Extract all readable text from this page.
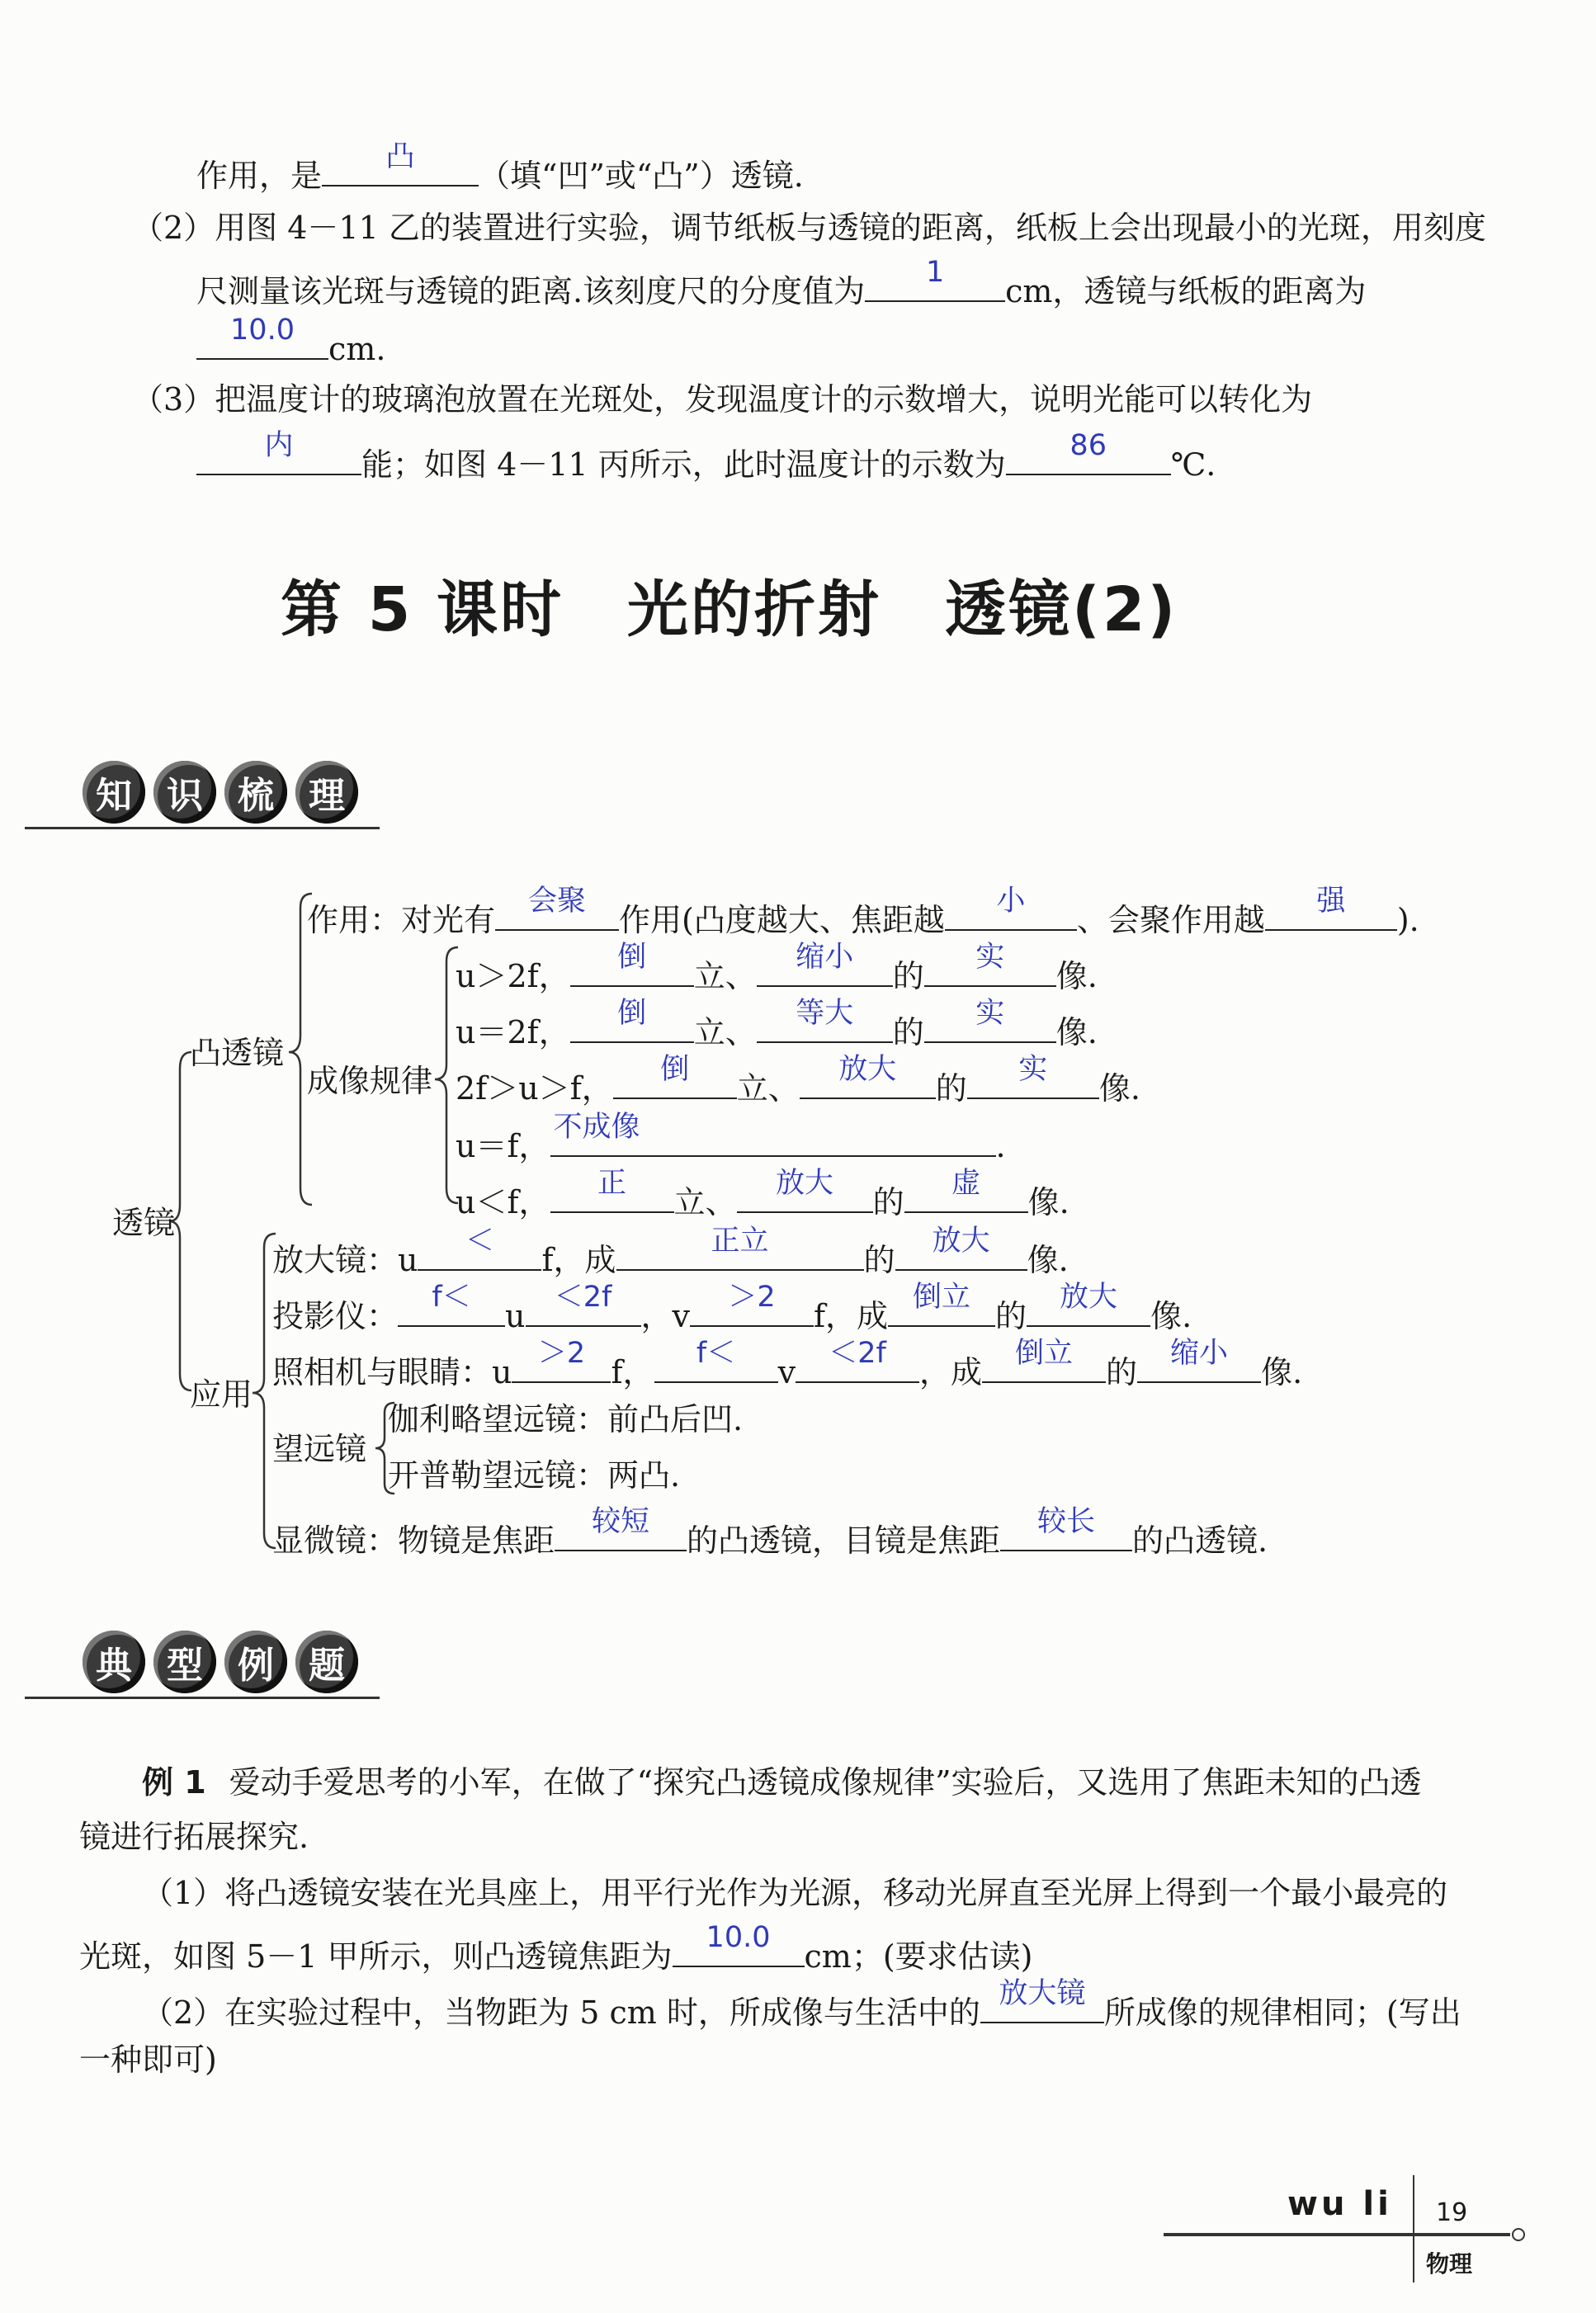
作用，是
凸
（填“凹”或“凸”）透镜.
（2）用图 4－11 乙的装置进行实验，调节纸板与透镜的距离，纸板上会出现最小的光斑，用刻度
尺测量该光斑与透镜的距离.该刻度尺的分度值为
1
cm，透镜与纸板的距离为
10.0
cm.
（3）把温度计的玻璃泡放置在光斑处，发现温度计的示数增大，说明光能可以转化为
内
能；如图 4－11 丙所示，此时温度计的示数为
86
℃.
第 5 课时　光的折射　透镜(2)
知 识 梳 理
透镜
凸透镜
应用
成像规律
作用：对光有
会聚
作用(凸度越大、焦距越
小
、会聚作用越
强
).
u＞2f，
倒
立、
缩小
的
实
像.
u＝2f，
倒
立、
等大
的
实
像.
2f＞u＞f，
倒
立、
放大
的
实
像.
u＝f，
不成像
.
u＜f，
正
立、
放大
的
虚
像.
放大镜：u
＜
f，成
正立
的
放大
像.
投影仪：
f＜
u
＜2f
，v
＞2
f，成
倒立
的
放大
像.
照相机与眼睛：u
＞2
f，
f＜
v
＜2f
，成
倒立
的
缩小
像.
望远镜
伽利略望远镜：前凸后凹.
开普勒望远镜：两凸.
显微镜：物镜是焦距
较短
的凸透镜，目镜是焦距
较长
的凸透镜.
典 型 例 题
例 1 爱动手爱思考的小军，在做了“探究凸透镜成像规律”实验后，又选用了焦距未知的凸透
镜进行拓展探究.
（1）将凸透镜安装在光具座上，用平行光作为光源，移动光屏直至光屏上得到一个最小最亮的
光斑，如图 5－1 甲所示，则凸透镜焦距为
10.0
cm；(要求估读)
（2）在实验过程中，当物距为 5 cm 时，所成像与生活中的
放大镜
所成像的规律相同；(写出
一种即可)
wu li 19
物理
